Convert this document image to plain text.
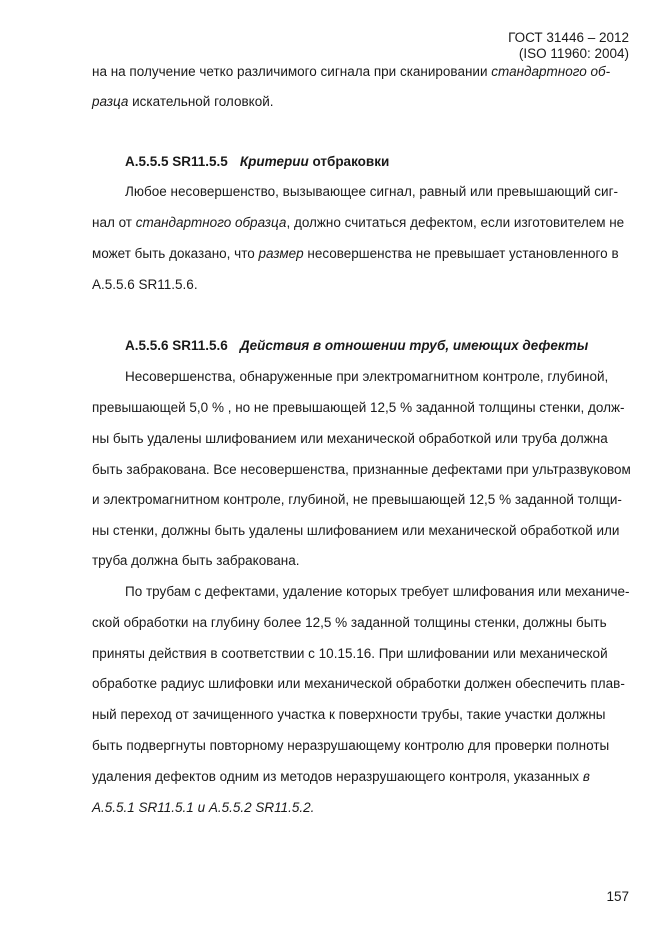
ГОСТ 31446 – 2012
(ISO 11960: 2004)
на на получение четко различимого сигнала при сканировании стандартного об-
разца искательной головкой.
A.5.5.5 SR11.5.5 Критерии отбраковки
Любое несовершенство, вызывающее сигнал, равный или превышающий сиг-
нал от стандартного образца, должно считаться дефектом, если изготовителем не
может быть доказано, что размер несовершенства не превышает установленного в
A.5.5.6 SR11.5.6.
A.5.5.6 SR11.5.6 Действия в отношении труб, имеющих дефекты
Несовершенства, обнаруженные при электромагнитном контроле, глубиной,
превышающей 5,0 % , но не превышающей 12,5 % заданной толщины стенки, долж-
ны быть удалены шлифованием или механической обработкой или труба должна
быть забракована. Все несовершенства, признанные дефектами при ультразвуковом
и электромагнитном контроле, глубиной, не превышающей 12,5 % заданной толщи-
ны стенки, должны быть удалены шлифованием или механической обработкой или
труба должна быть забракована.
По трубам с дефектами, удаление которых требует шлифования или механиче-
ской обработки на глубину более 12,5 % заданной толщины стенки, должны быть
приняты действия в соответствии с 10.15.16. При шлифовании или механической
обработке радиус шлифовки или механической обработки должен обеспечить плав-
ный переход от зачищенного участка к поверхности трубы, такие участки должны
быть подвергнуты повторному неразрушающему контролю для проверки полноты
удаления дефектов одним из методов неразрушающего контроля, указанных в
A.5.5.1 SR11.5.1 и A.5.5.2 SR11.5.2.
157
